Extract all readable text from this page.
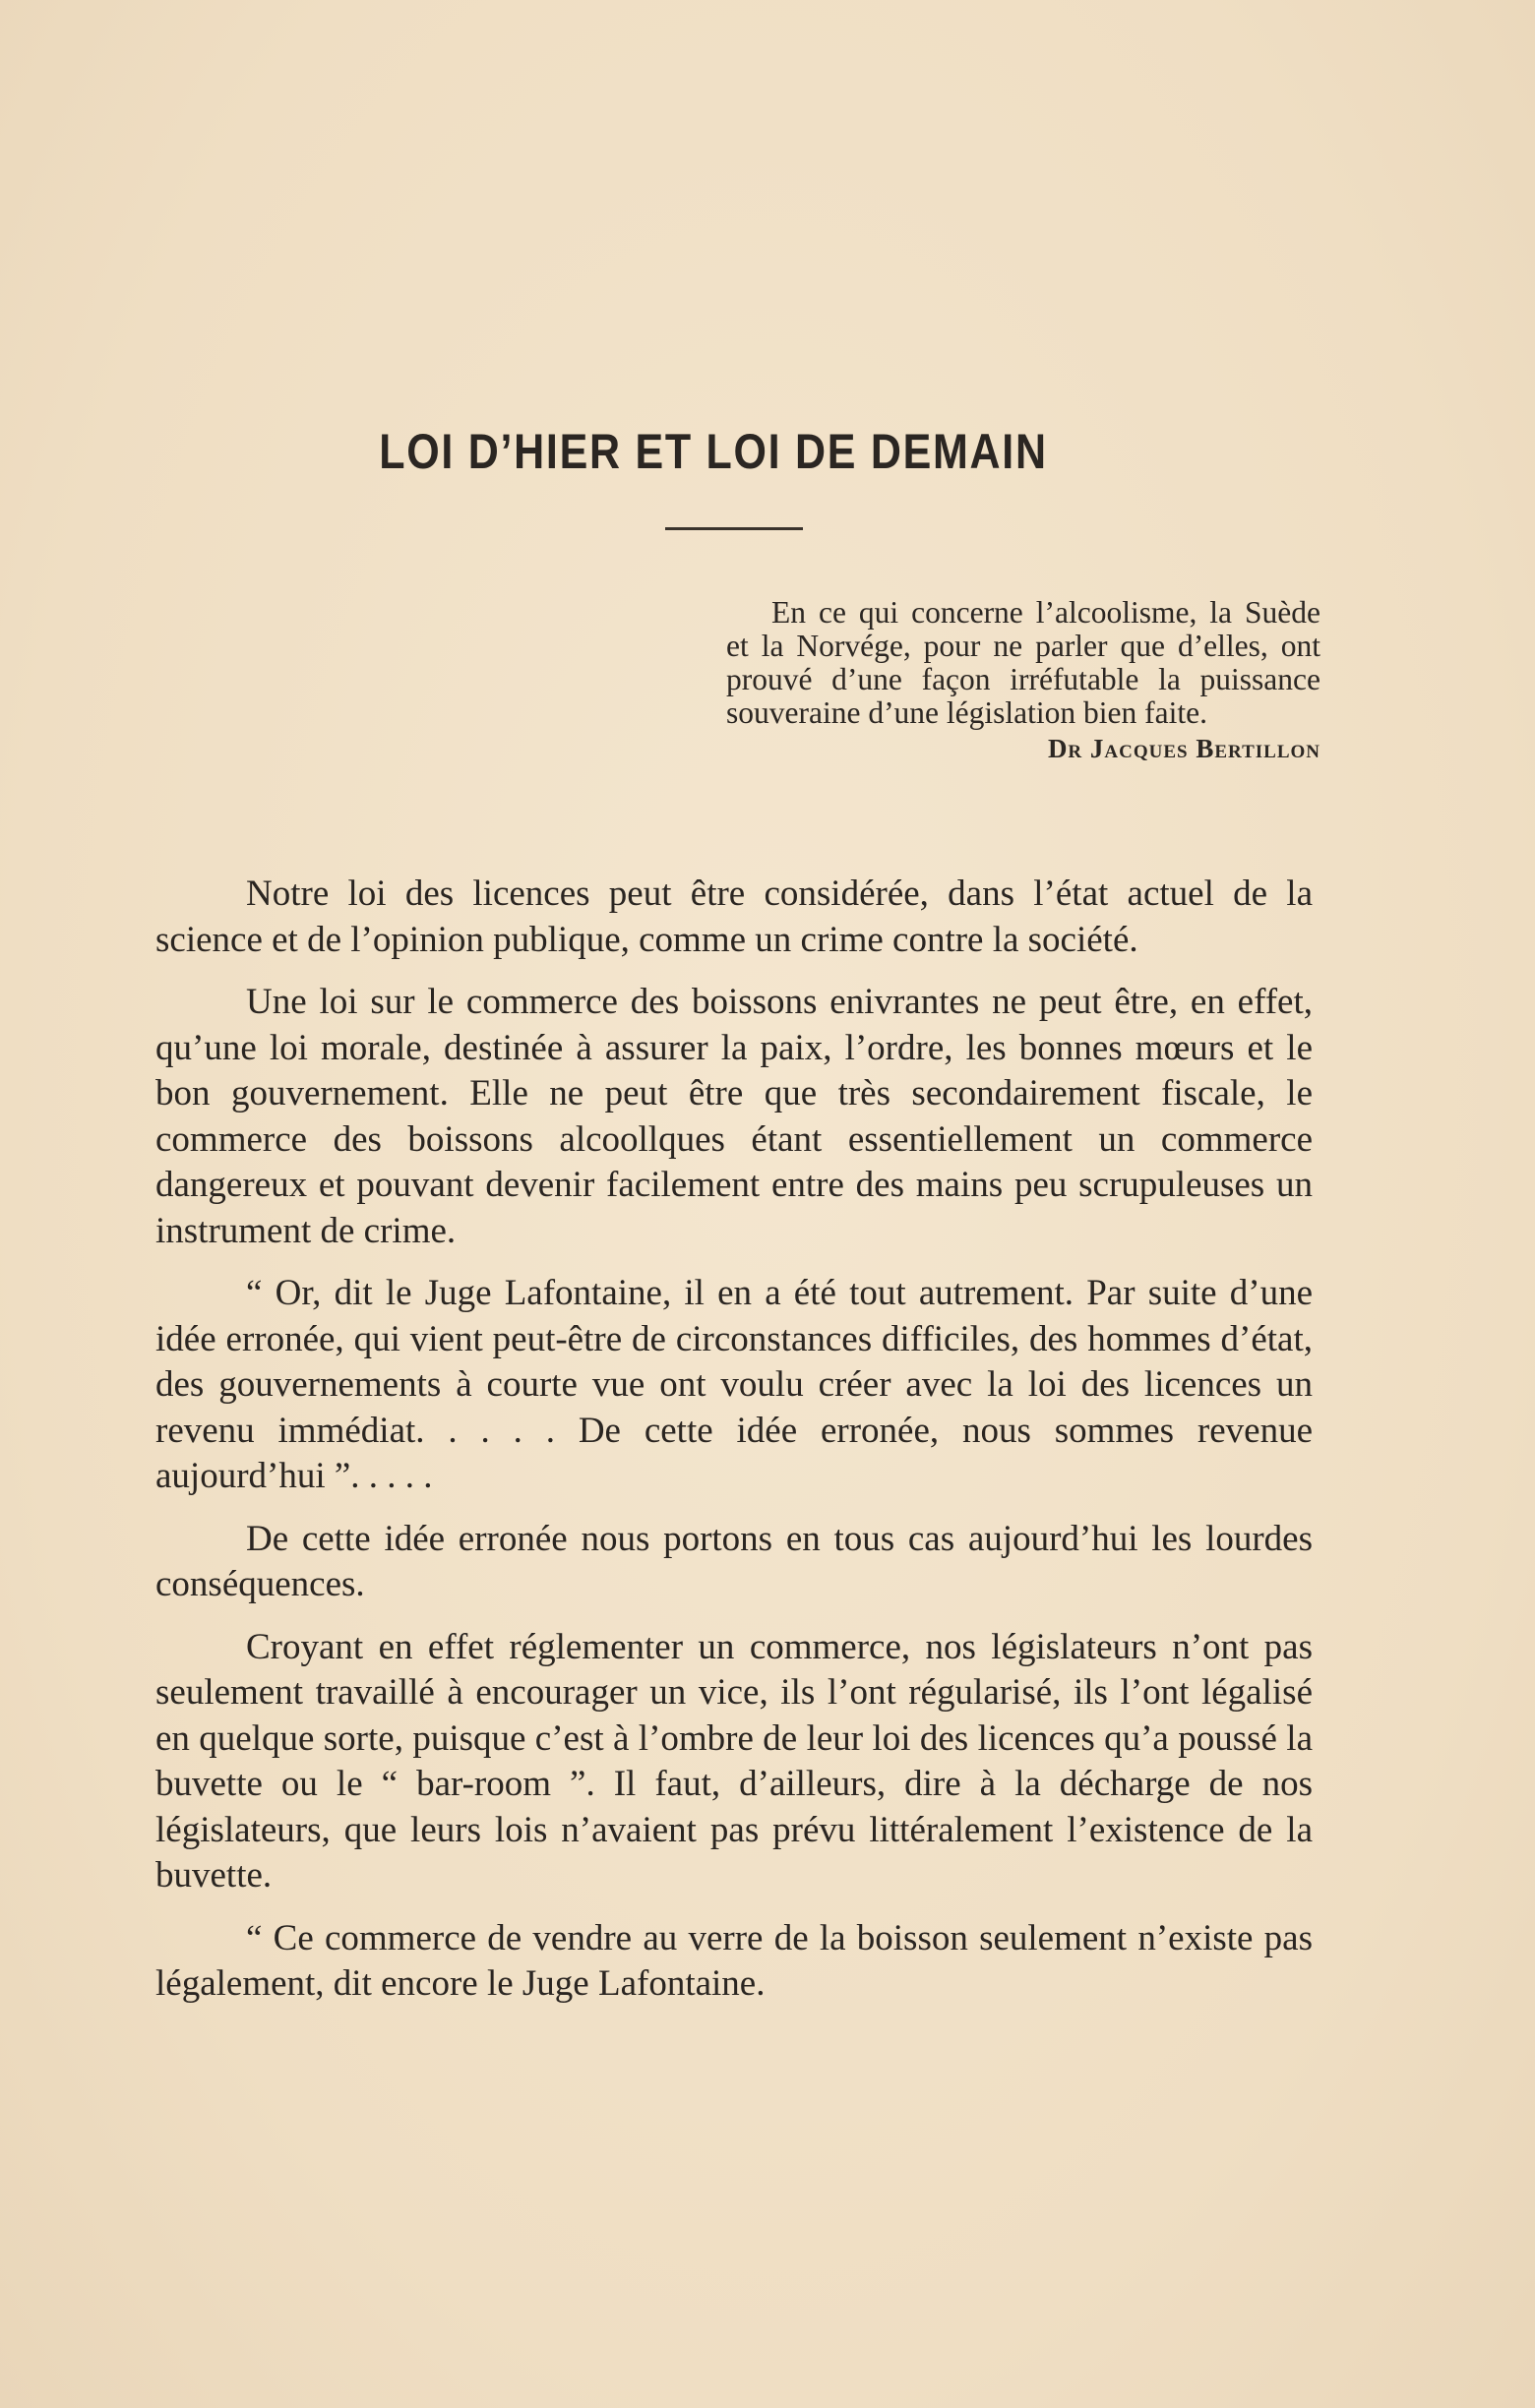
LOI D’HIER ET LOI DE DEMAIN

En ce qui concerne l’alcoolisme, la Suède et la Norvége, pour ne parler que d’elles, ont prouvé d’une façon irréfutable la puissance souveraine d’une législation bien faite.

Dr Jacques Bertillon

Notre loi des licences peut être considérée, dans l’état actuel de la science et de l’opinion publique, comme un crime contre la société.

Une loi sur le commerce des boissons enivrantes ne peut être, en effet, qu’une loi morale, destinée à assurer la paix, l’ordre, les bonnes mœurs et le bon gouvernement. Elle ne peut être que très secondairement fiscale, le commerce des boissons alcoollques étant essentiellement un commerce dangereux et pouvant devenir facilement entre des mains peu scrupuleuses un instrument de crime.

“ Or, dit le Juge Lafontaine, il en a été tout autrement. Par suite d’une idée erronée, qui vient peut-être de circonstances difficiles, des hommes d’état, des gouvernements à courte vue ont voulu créer avec la loi des licences un revenu immédiat. . . . . De cette idée erronée, nous sommes revenue aujourd’hui ”. . . . .

De cette idée erronée nous portons en tous cas aujourd’hui les lourdes conséquences.

Croyant en effet réglementer un commerce, nos législateurs n’ont pas seulement travaillé à encourager un vice, ils l’ont régularisé, ils l’ont légalisé en quelque sorte, puisque c’est à l’ombre de leur loi des licences qu’a poussé la buvette ou le “ bar-room ”. Il faut, d’ailleurs, dire à la décharge de nos législateurs, que leurs lois n’avaient pas prévu littéralement l’existence de la buvette.

“ Ce commerce de vendre au verre de la boisson seulement n’existe pas légalement, dit encore le Juge Lafontaine.
